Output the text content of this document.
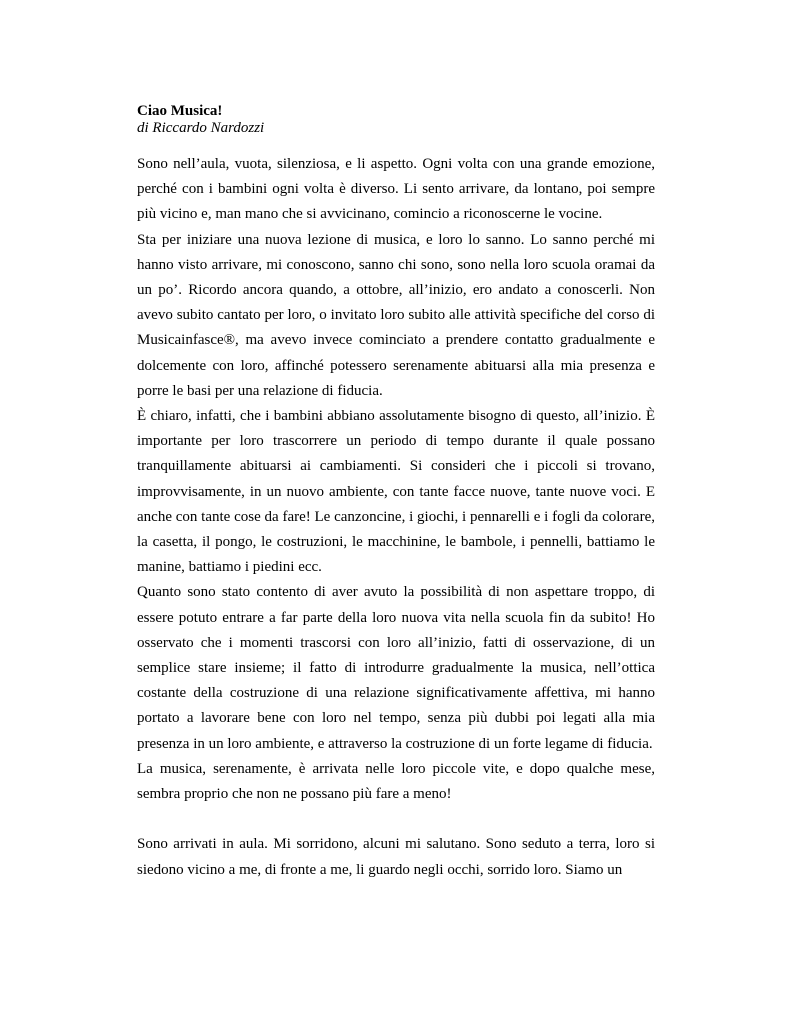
Ciao Musica!

di Riccardo Nardozzi

Sono nell’aula, vuota, silenziosa, e li aspetto. Ogni volta con una grande emozione, perché con i bambini ogni volta è diverso. Li sento arrivare, da lontano, poi sempre più vicino e, man mano che si avvicinano, comincio a riconoscerne le vocine.

Sta per iniziare una nuova lezione di musica, e loro lo sanno. Lo sanno perché mi hanno visto arrivare, mi conoscono, sanno chi sono, sono nella loro scuola oramai da un po’. Ricordo ancora quando, a ottobre, all’inizio, ero andato a conoscerli. Non avevo subito cantato per loro, o invitato loro subito alle attività specifiche del corso di Musicainfasce®, ma avevo invece cominciato a prendere contatto gradualmente e dolcemente con loro, affinché potessero serenamente abituarsi alla mia presenza e porre le basi per una relazione di fiducia.

È chiaro, infatti, che i bambini abbiano assolutamente bisogno di questo, all’inizio. È importante per loro trascorrere un periodo di tempo durante il quale possano tranquillamente abituarsi ai cambiamenti. Si consideri che i piccoli si trovano, improvvisamente, in un nuovo ambiente, con tante facce nuove, tante nuove voci. E anche con tante cose da fare! Le canzoncine, i giochi, i pennarelli e i fogli da colorare, la casetta, il pongo, le costruzioni, le macchinine, le bambole, i pennelli, battiamo le manine, battiamo i piedini ecc.

Quanto sono stato contento di aver avuto la possibilità di non aspettare troppo, di essere potuto entrare a far parte della loro nuova vita nella scuola fin da subito! Ho osservato che i momenti trascorsi con loro all’inizio, fatti di osservazione, di un semplice stare insieme; il fatto di introdurre gradualmente la musica, nell’ottica costante della costruzione di una relazione significativamente affettiva, mi hanno portato a lavorare bene con loro nel tempo, senza più dubbi poi legati alla mia presenza in un loro ambiente, e attraverso la costruzione di un forte legame di fiducia.

La musica, serenamente, è arrivata nelle loro piccole vite, e dopo qualche mese, sembra proprio che non ne possano più fare a meno!

Sono arrivati in aula. Mi sorridono, alcuni mi salutano. Sono seduto a terra, loro si siedono vicino a me, di fronte a me, li guardo negli occhi, sorrido loro. Siamo un
